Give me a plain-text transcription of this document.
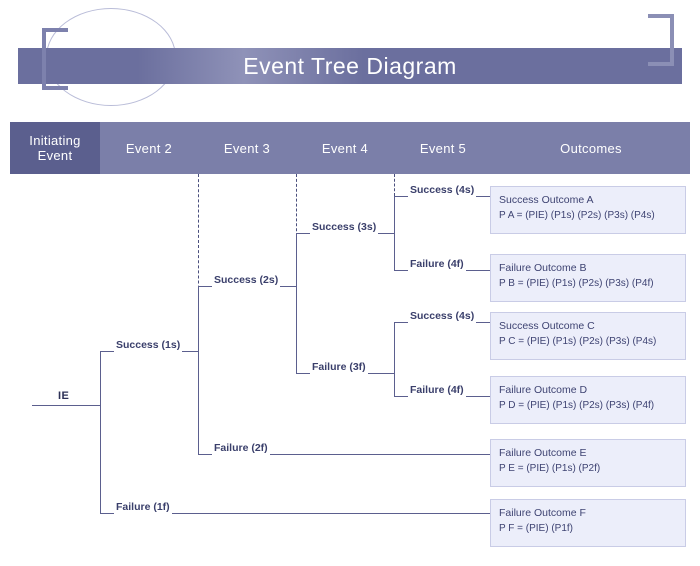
Event Tree Diagram
Initiating Event	Event 2	Event 3	Event 4	Event 5	Outcomes
IE
Success (1s)
Failure (1f)
Success (2s)
Failure (2f)
Success (3s)
Failure (3f)
Success (4s)
Failure (4f)
Success (4s)
Failure (4f)
Success Outcome A
P A = (PIE) (P1s) (P2s) (P3s) (P4s)
Failure Outcome B
P B = (PIE) (P1s) (P2s) (P3s) (P4f)
Success Outcome C
P C = (PIE) (P1s) (P2s) (P3s) (P4s)
Failure Outcome D
P D = (PIE) (P1s) (P2s) (P3s) (P4f)
Failure Outcome E
P E = (PIE) (P1s) (P2f)
Failure Outcome F
P F = (PIE) (P1f)
